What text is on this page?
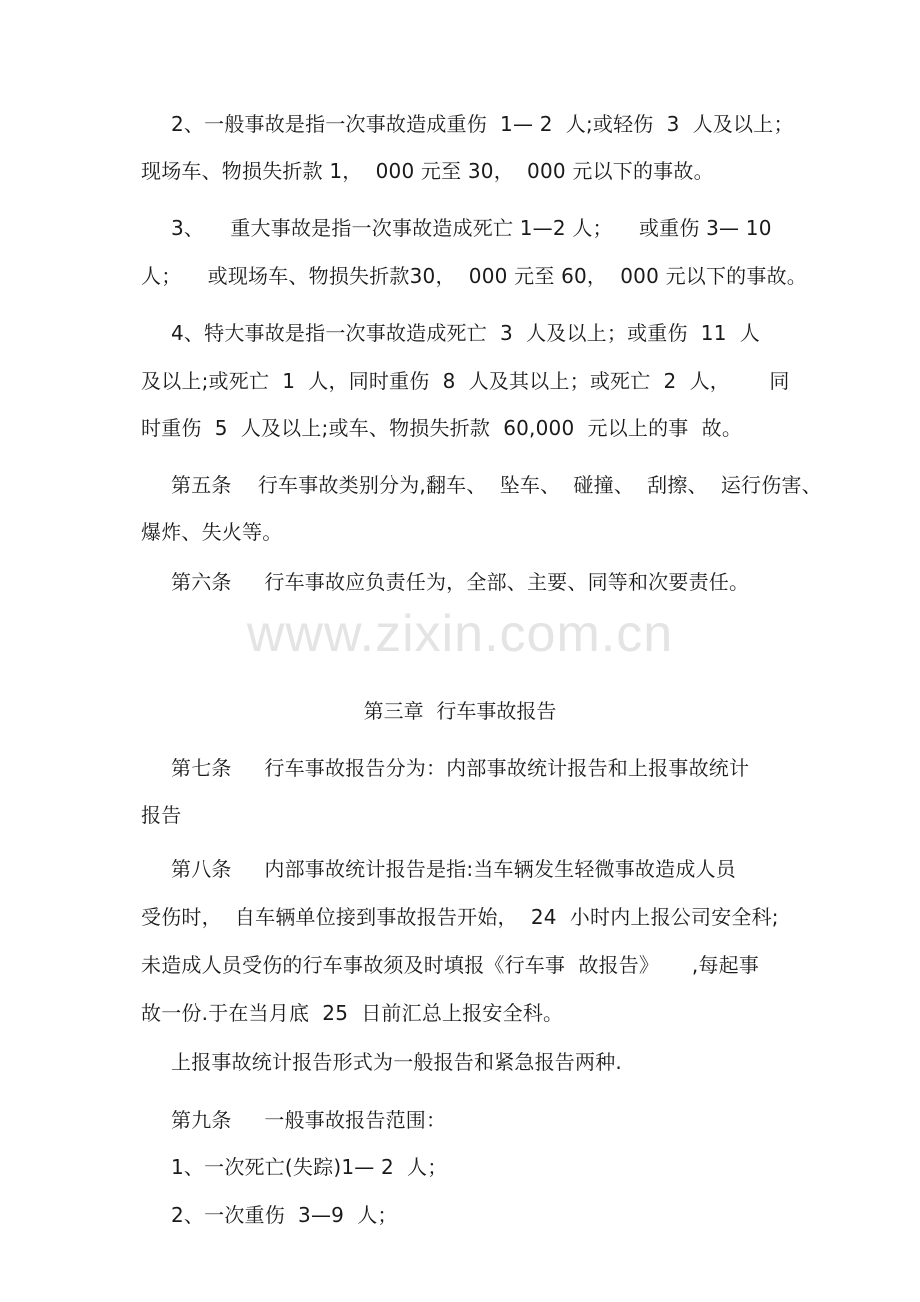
www.zixin.com.cn
2、一般事故是指一次事故造成重伤  1— 2  人;或轻伤  3  人及以上；
现场车、物损失折款 1，  000 元至 30，  000 元以下的事故。
3、    重大事故是指一次事故造成死亡 1—2 人；    或重伤 3— 10
人；    或现场车、物损失折款30，  000 元至 60，  000 元以下的事故。
4、特大事故是指一次事故造成死亡  3  人及以上；或重伤  11  人
及以上;或死亡  1  人，同时重伤  8  人及其以上；或死亡  2  人，      同
时重伤  5  人及以上;或车、物损失折款  60,000  元以上的事  故。
第五条    行车事故类别分为,翻车、  坠车、  碰撞、  刮擦、  运行伤害、
爆炸、失火等。
第六条     行车事故应负责任为，全部、主要、同等和次要责任。
第三章  行车事故报告
第七条     行车事故报告分为：内部事故统计报告和上报事故统计
报告
第八条     内部事故统计报告是指:当车辆发生轻微事故造成人员
受伤时，  自车辆单位接到事故报告开始，  24  小时内上报公司安全科;
未造成人员受伤的行车事故须及时填报《行车事  故报告》     ,每起事
故一份.于在当月底  25  日前汇总上报安全科。
上报事故统计报告形式为一般报告和紧急报告两种.
第九条     一般事故报告范围：
1、一次死亡(失踪)1— 2  人；
2、一次重伤  3—9  人；
